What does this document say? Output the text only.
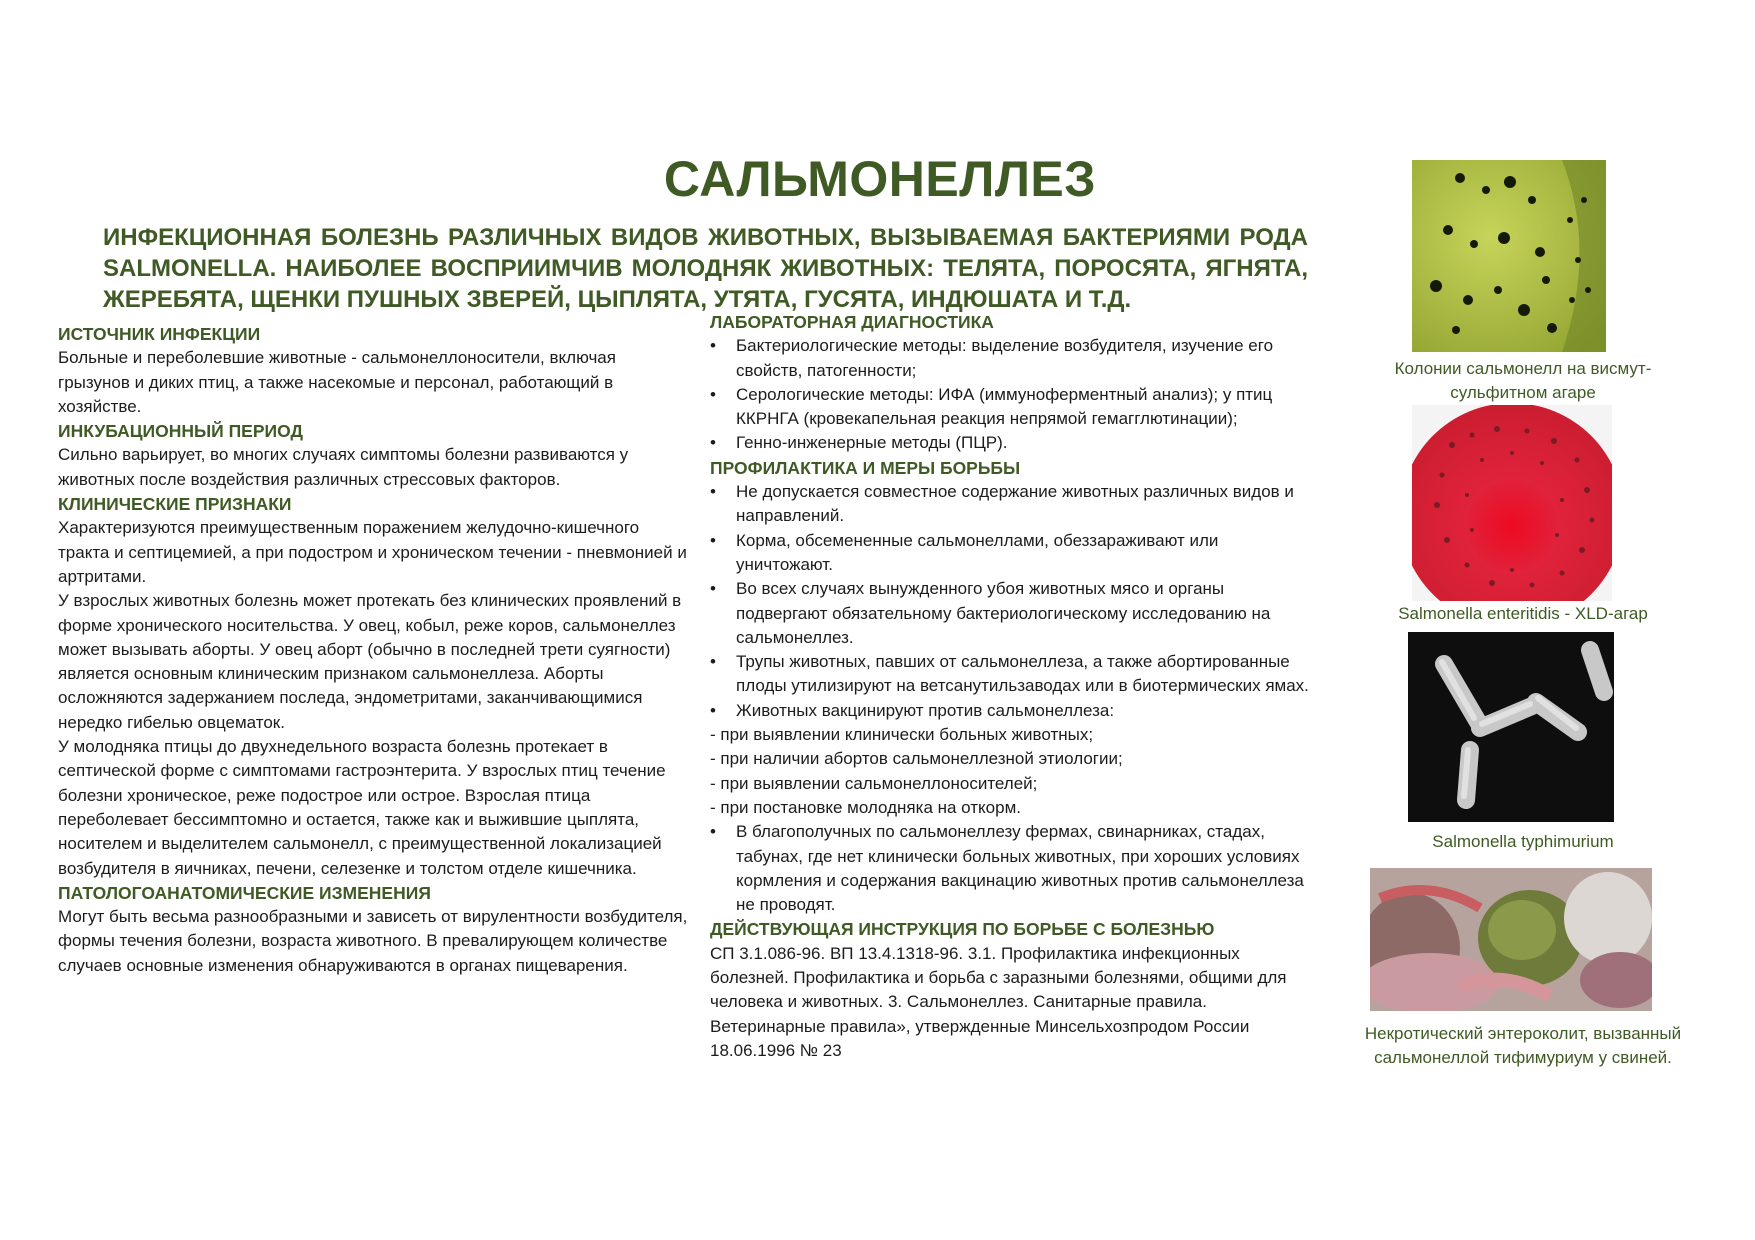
САЛЬМОНЕЛЛЕЗ
ИНФЕКЦИОННАЯ БОЛЕЗНЬ РАЗЛИЧНЫХ ВИДОВ ЖИВОТНЫХ, ВЫЗЫВАЕМАЯ БАКТЕРИЯМИ РОДА SALMONELLA. НАИБОЛЕЕ ВОСПРИИМЧИВ МОЛОДНЯК ЖИВОТНЫХ: ТЕЛЯТА, ПОРОСЯТА, ЯГНЯТА, ЖЕРЕБЯТА, ЩЕНКИ ПУШНЫХ ЗВЕРЕЙ, ЦЫПЛЯТА, УТЯТА, ГУСЯТА, ИНДЮШАТА И Т.Д.
ИСТОЧНИК ИНФЕКЦИИ

Больные и переболевшие животные - сальмонеллоносители, включая грызунов и диких птиц, а также насекомые и персонал, работающий в хозяйстве.

ИНКУБАЦИОННЫЙ ПЕРИОД

Сильно варьирует, во многих случаях симптомы болезни развиваются у животных после воздействия различных стрессовых факторов.

КЛИНИЧЕСКИЕ ПРИЗНАКИ

Характеризуются преимущественным поражением желудочно-кишечного тракта и септицемией, а при подостром и хроническом течении - пневмонией и артритами.

У взрослых животных болезнь может протекать без клинических проявлений в форме хронического носительства. У овец, кобыл, реже коров, сальмонеллез может вызывать аборты. У овец аборт (обычно в последней трети суягности) является основным клиническим признаком сальмонеллеза. Аборты осложняются задержанием последа, эндометритами, заканчивающимися нередко гибелью овцематок.

У молодняка птицы до двухнедельного возраста болезнь протекает в септической форме с симптомами гастроэнтерита. У взрослых птиц течение болезни хроническое, реже подострое или острое. Взрослая птица переболевает бессимптомно и остается, также как и выжившие цыплята, носителем и выделителем сальмонелл, с преимущественной локализацией возбудителя в яичниках, печени, селезенке и толстом отделе кишечника.

ПАТОЛОГОАНАТОМИЧЕСКИЕ ИЗМЕНЕНИЯ

Могут быть весьма разнообразными и зависеть от вирулентности возбудителя, формы течения болезни, возраста животного. В превалирующем количестве случаев основные изменения обнаруживаются в органах пищеварения.

ЛАБОРАТОРНАЯ ДИАГНОСТИКА
• Бактериологические методы: выделение возбудителя, изучение его свойств, патогенности;
• Серологические методы: ИФА (иммуноферментный анализ); у птиц ККРНГА (кровекапельная реакция непрямой гемагглютинации);
• Генно-инженерные методы (ПЦР).
ПРОФИЛАКТИКА И МЕРЫ БОРЬБЫ
• Не допускается совместное содержание животных различных видов и направлений.
• Корма, обсемененные сальмонеллами, обеззараживают или уничтожают.
• Во всех случаях вынужденного убоя животных мясо и органы подвергают обязательному бактериологическому исследованию на сальмонеллез.
• Трупы животных, павших от сальмонеллеза, а также абортированные плоды утилизируют на ветсанутильзаводах или в биотермических ямах.
• Животных вакцинируют против сальмонеллеза:

- при выявлении клинически больных животных;

- при наличии абортов сальмонеллезной этиологии;

- при выявлении сальмонеллоносителей;

- при постановке молодняка на откорм.

• В благополучных по сальмонеллезу фермах, свинарниках, стадах, табунах, где нет клинически больных животных, при хороших условиях кормления и содержания вакцинацию животных против сальмонеллеза не проводят.
ДЕЙСТВУЮЩАЯ ИНСТРУКЦИЯ ПО БОРЬБЕ С БОЛЕЗНЬЮ

СП 3.1.086-96. ВП 13.4.1318-96. 3.1. Профилактика инфекционных болезней. Профилактика и борьба с заразными болезнями, общими для человека и животных. 3. Сальмонеллез. Санитарные правила. Ветеринарные правила», утвержденные Минсельхозпродом России 18.06.1996 № 23

Колонии сальмонелл на висмут-сульфитном агаре
Salmonella enteritidis - XLD-агар
Salmonella typhimurium
Некротический энтероколит, вызванный сальмонеллой тифимуриум у свиней.
